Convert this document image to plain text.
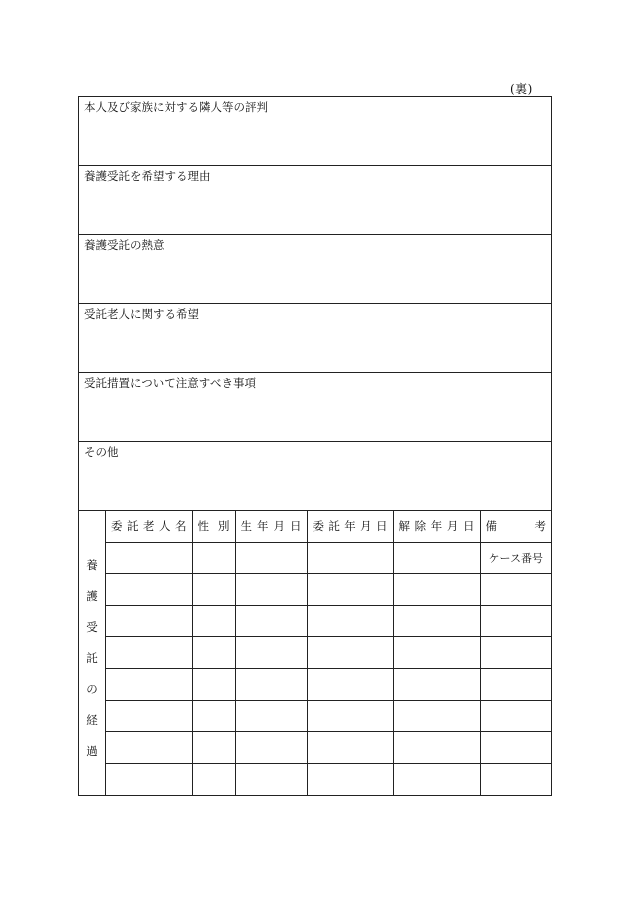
(裏)
本人及び家族に対する隣人等の評判
養護受託を希望する理由
養護受託の熱意
受託老人に関する希望
受託措置について注意すべき事項
その他
養
護
受
託
の
経
過
委託老人名	性別	生年月日	委託年月日	解除年月日	備考
					ケース番号
